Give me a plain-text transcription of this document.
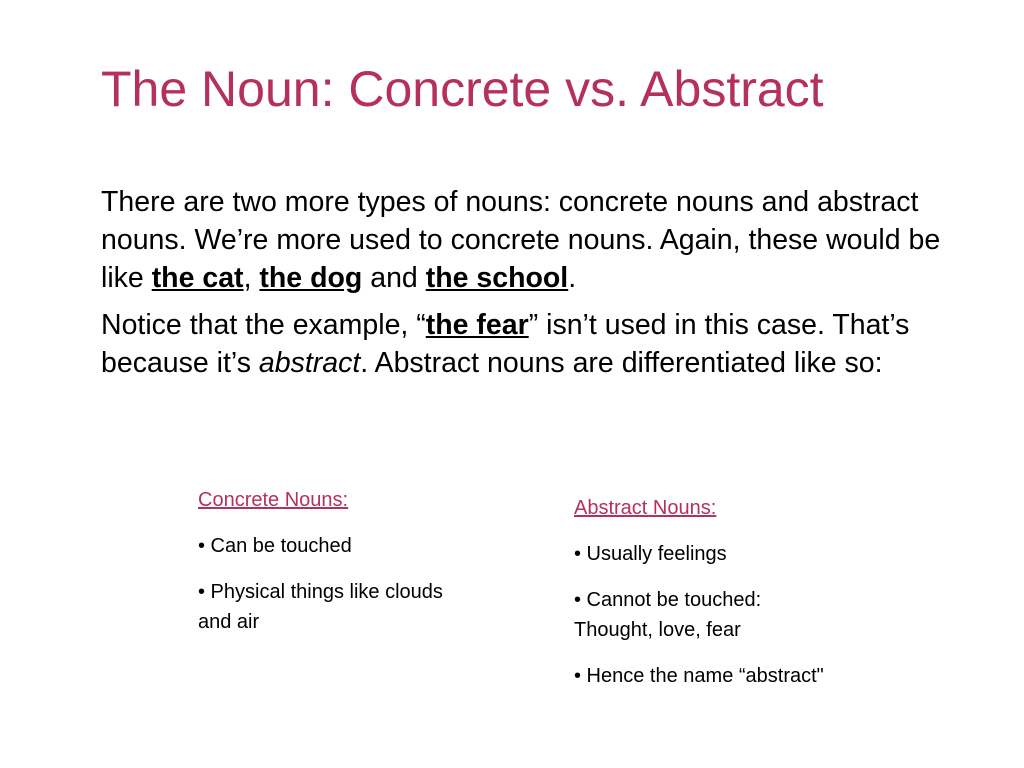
The Noun: Concrete vs. Abstract

There are two more types of nouns: concrete nouns and abstract nouns. We’re more used to concrete nouns. Again, these would be like the cat, the dog and the school.

Notice that the example, “the fear” isn’t used in this case. That’s because it’s abstract. Abstract nouns are differentiated like so:

Concrete Nouns:

• Can be touched

• Physical things like clouds and air

Abstract Nouns:

• Usually feelings

• Cannot be touched: Thought, love, fear

• Hence the name “abstract"
